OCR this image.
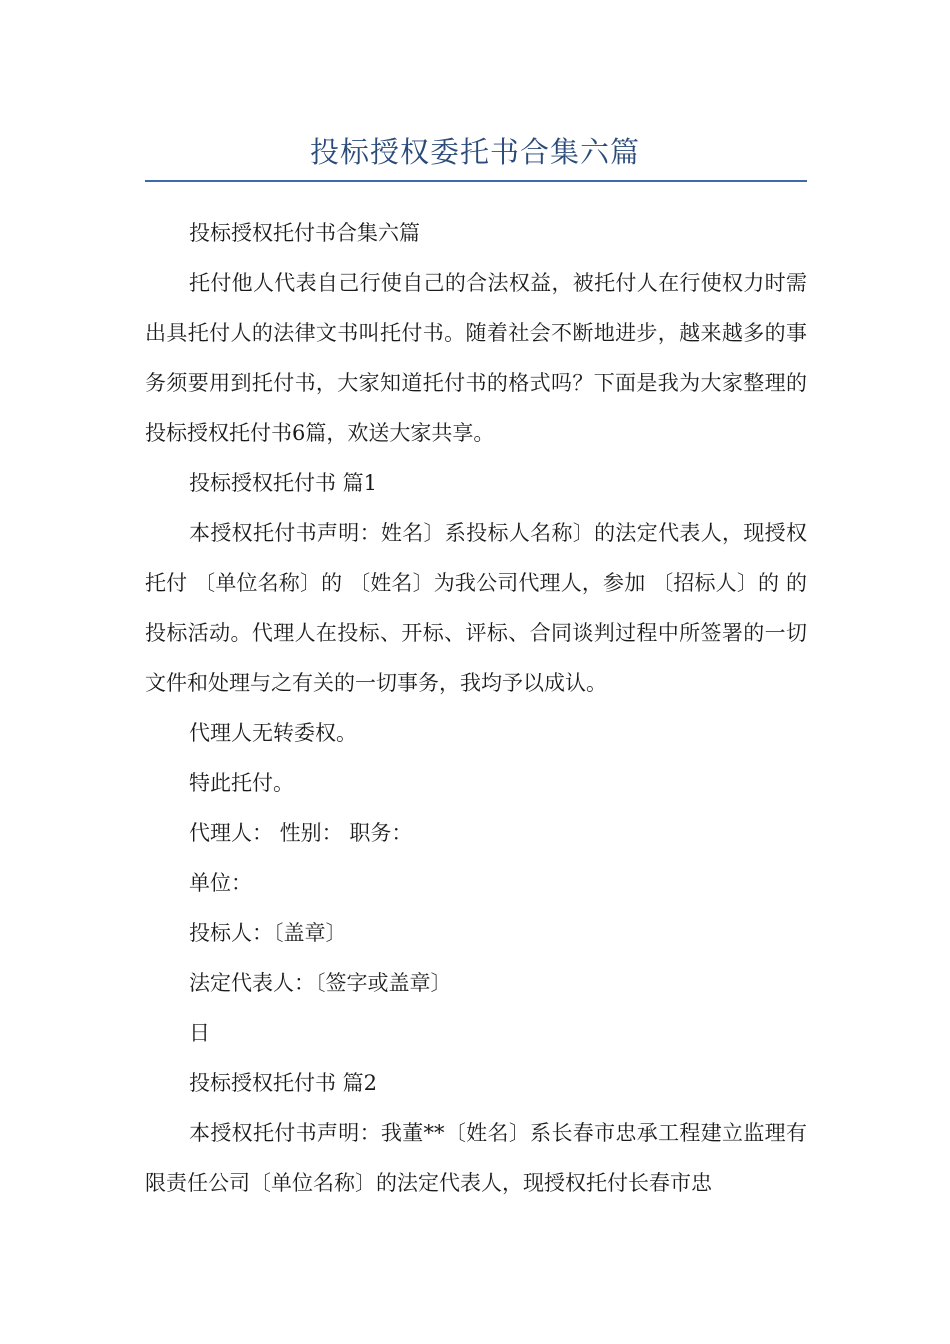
投标授权委托书合集六篇

投标授权托付书合集六篇

托付他人代表自己行使自己的合法权益，被托付人在行使权力时需出具托付人的法律文书叫托付书。随着社会不断地进步，越来越多的事务须要用到托付书，大家知道托付书的格式吗？下面是我为大家整理的投标授权托付书6篇，欢送大家共享。

投标授权托付书 篇1

本授权托付书声明：姓名〕系投标人名称〕的法定代表人，现授权托付 〔单位名称〕的 〔姓名〕为我公司代理人，参加 〔招标人〕的 的投标活动。代理人在投标、开标、评标、合同谈判过程中所签署的一切文件和处理与之有关的一切事务，我均予以成认。

代理人无转委权。

特此托付。

代理人： 性别： 职务：

单位：

投标人：〔盖章〕

法定代表人：〔签字或盖章〕

日

投标授权托付书 篇2

本授权托付书声明：我董**〔姓名〕系长春市忠承工程建立监理有限责任公司〔单位名称〕的法定代表人，现授权托付长春市忠
